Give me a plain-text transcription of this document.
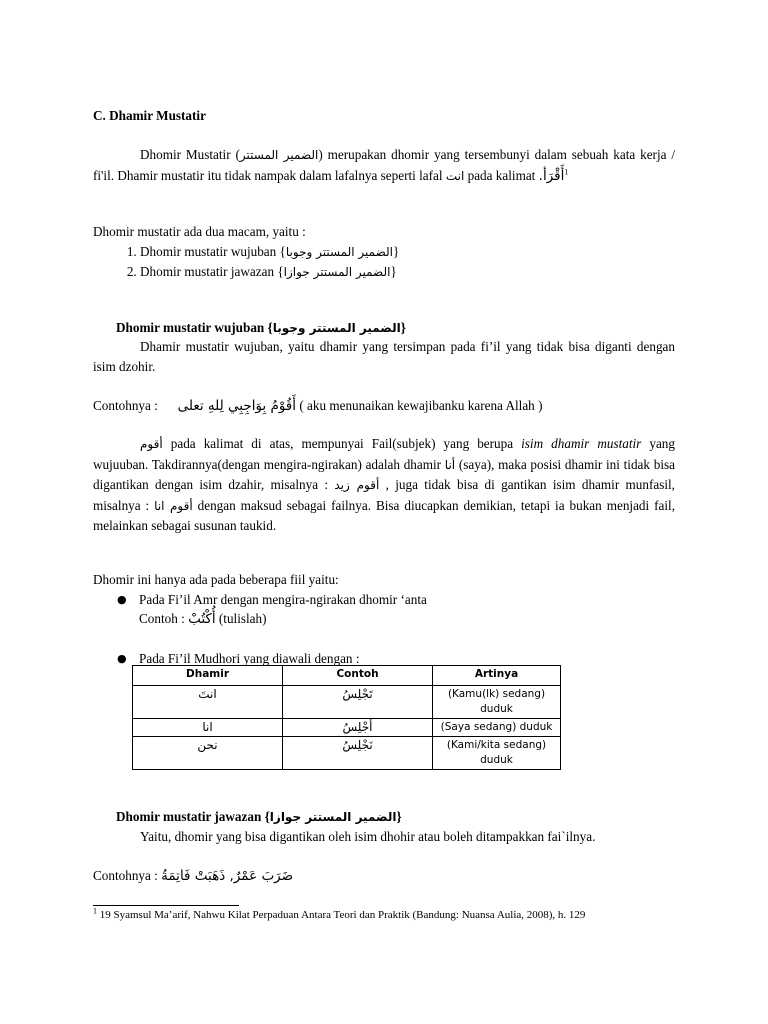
C. Dhamir Mustatir
Dhomir Mustatir (الضمير المستتر) merupakan dhomir yang tersembunyi dalam sebuah kata kerja / fi'il. Dhamir mustatir itu tidak nampak dalam lafalnya seperti lafal انت pada kalimat أَقْرَأ.$^1$
Dhomir mustatir ada dua macam, yaitu :
1. Dhomir mustatir wujuban {الضمير المستتر وجوبا}
2. Dhomir mustatir jawazan {الضمير المستتر جوازا}
Dhomir mustatir wujuban {الضمير المستتر وجوبا}
Dhamir mustatir wujuban, yaitu dhamir yang tersimpan pada fi’il yang tidak bisa diganti dengan isim dzohir.
Contohnya : أَقُوْمُ بِوَاجِبِي لِلهِ تعلى ( aku menunaikan kewajibanku karena Allah )
أقوم pada kalimat di atas, mempunyai Fail(subjek) yang berupa isim dhamir mustatir yang wujuuban. Takdirannya(dengan mengira-ngirakan) adalah dhamir أنا (saya), maka posisi dhamir ini tidak bisa digantikan dengan isim dzahir, misalnya : أقوم زيد , juga tidak bisa di gantikan isim dhamir munfasil, misalnya : أقوم انا dengan maksud sebagai failnya. Bisa diucapkan demikian, tetapi ia bukan menjadi fail, melainkan sebagai susunan taukid.
Dhomir ini hanya ada pada beberapa fiil yaitu:
● Pada Fi’il Amr dengan mengira-ngirakan dhomir ‘anta
Contoh : أُكْتُبْ (tulislah)
● Pada Fi’il Mudhori yang diawali dengan :
Dhamir	Contoh	Artinya
انتَ	تَجْلِسُ	(Kamu(lk) sedang) duduk
انا	أجْلِسُ	(Saya sedang) duduk
نحن	نَجْلِسُ	(Kami/kita sedang) duduk
Dhomir mustatir jawazan {الضمير المستتر جوازا}
Yaitu, dhomir yang bisa digantikan oleh isim dhohir atau boleh ditampakkan fai`ilnya.
Contohnya : ضَرَبَ عَمْرٌ, ذَهَبَتْ فَاتِمَةُ
$^1$ 19 Syamsul Ma’arif, Nahwu Kilat Perpaduan Antara Teori dan Praktik (Bandung: Nuansa Aulia, 2008), h. 129
